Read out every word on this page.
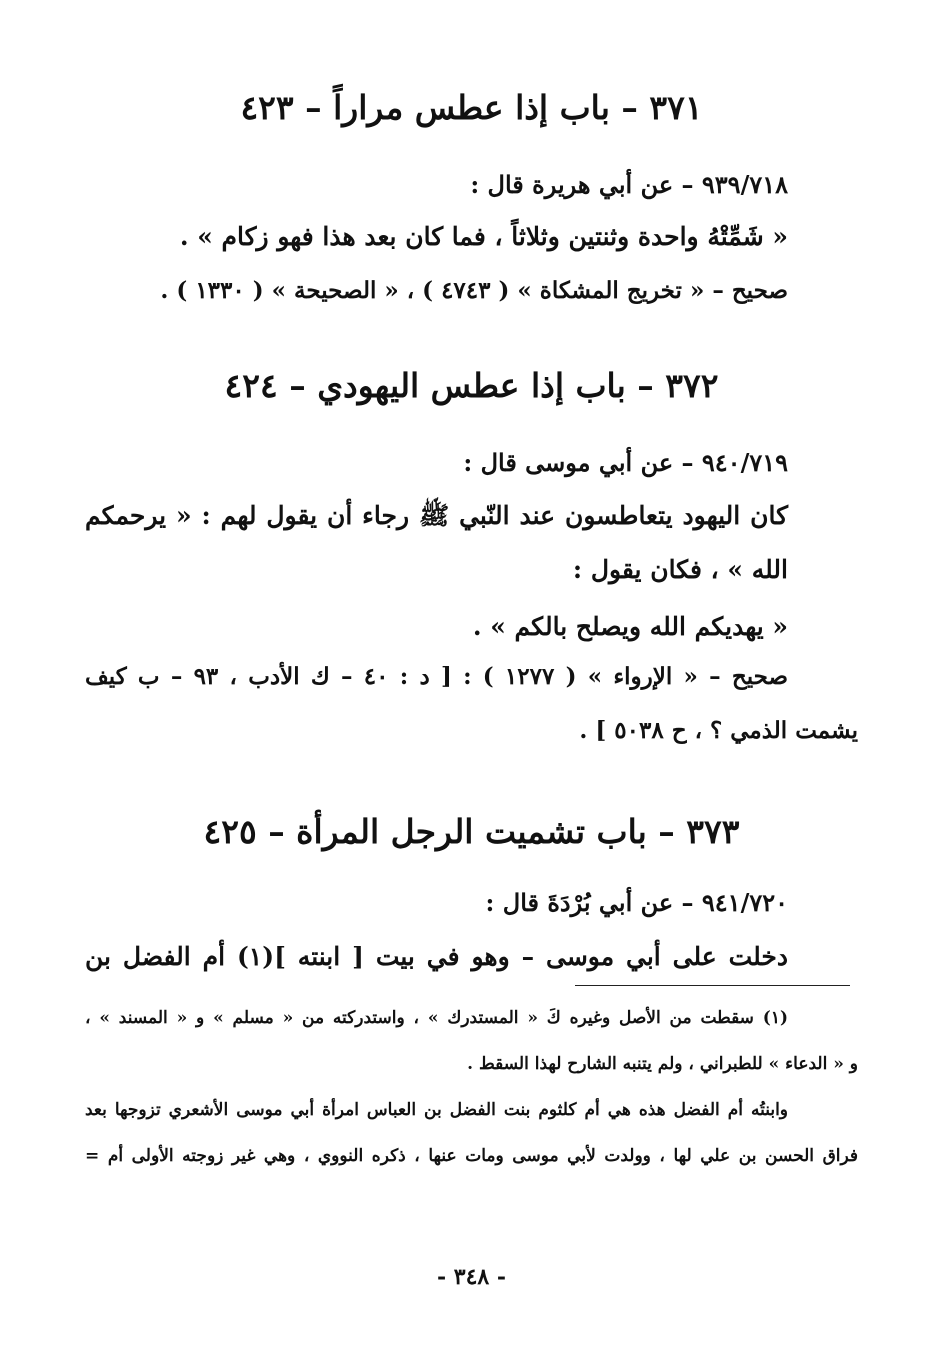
٣٧١ – باب إذا عطس مراراً – ٤٢٣
٩٣٩/٧١٨ – عن أبي هريرة قال :
« شَمِّتْهُ واحدة وثنتين وثلاثاً ، فما كان بعد هذا فهو زكام » .
صحيح – « تخريج المشكاة » ( ٤٧٤٣ ) ، « الصحيحة » ( ١٣٣٠ ) .
٣٧٢ – باب إذا عطس اليهودي – ٤٢٤
٩٤٠/٧١٩ – عن أبي موسى قال :
كان اليهود يتعاطسون عند النّبي ﷺ رجاء أن يقول لهم : « يرحمكم
الله » ، فكان يقول :
« يهديكم الله ويصلح بالكم » .
صحيح – « الإرواء » ( ١٢٧٧ ) : [ د : ٤٠ – ك الأدب ، ٩٣ – ب كيف
يشمت الذمي ؟ ، ح ٥٠٣٨ ] .
٣٧٣ – باب تشميت الرجل المرأة – ٤٢٥
٩٤١/٧٢٠ – عن أبي بُرْدَةَ قال :
دخلت على أبي موسى – وهو في بيت [ ابنته ](١) أم الفضل بن
(١) سقطت من الأصل وغيره كَ « المستدرك » ، واستدركته من « مسلم » و « المسند » ،
و « الدعاء » للطبراني ، ولم يتنبه الشارح لهذا السقط .
وابنتُه أم الفضل هذه هي أم كلثوم بنت الفضل بن العباس امرأة أبي موسى الأشعري تزوجها بعد
فراق الحسن بن علي لها ، وولدت لأبي موسى ومات عنها ، ذكره النووي ، وهي غير زوجته الأولى أم =
- ٣٤٨ -
